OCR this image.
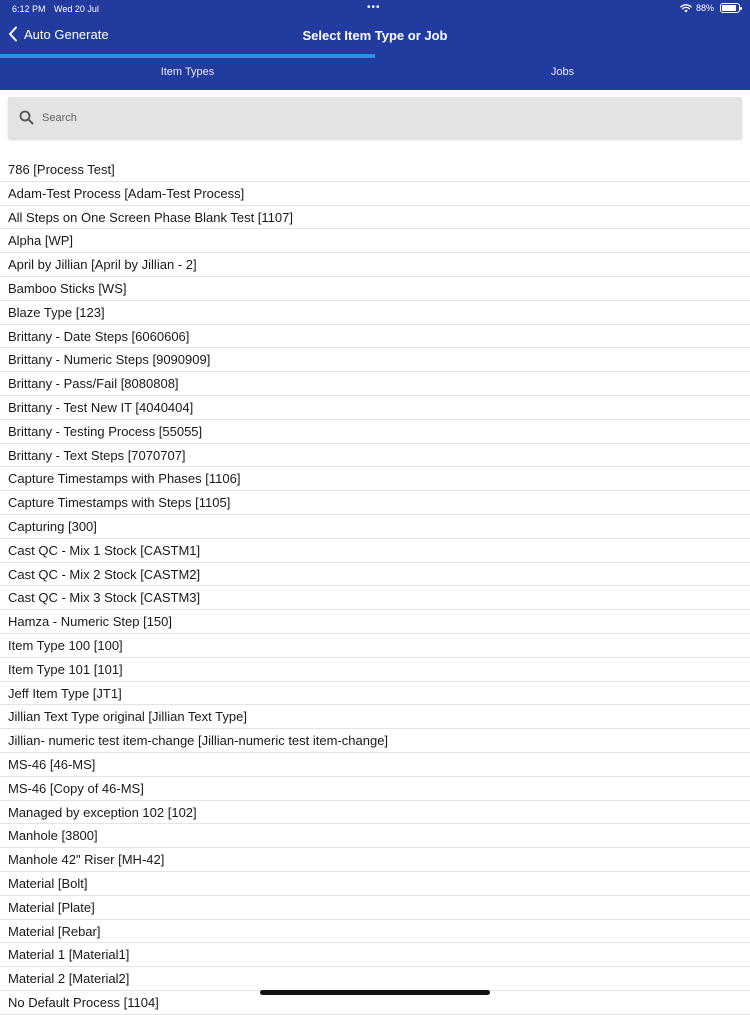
6:12 PM Wed 20 Jul	•••	88%
Auto Generate	Select Item Type or Job
Item Types	Jobs
Search
786 [Process Test]
Adam-Test Process [Adam-Test Process]
All Steps on One Screen Phase Blank Test [1107]
Alpha [WP]
April by Jillian [April by Jillian - 2]
Bamboo Sticks [WS]
Blaze Type [123]
Brittany - Date Steps [6060606]
Brittany - Numeric Steps [9090909]
Brittany - Pass/Fail [8080808]
Brittany - Test New IT [4040404]
Brittany - Testing Process [55055]
Brittany - Text Steps [7070707]
Capture Timestamps with Phases [1106]
Capture Timestamps with Steps [1105]
Capturing [300]
Cast QC - Mix 1 Stock [CASTM1]
Cast QC - Mix 2 Stock [CASTM2]
Cast QC - Mix 3 Stock [CASTM3]
Hamza - Numeric Step [150]
Item Type 100 [100]
Item Type 101 [101]
Jeff Item Type [JT1]
Jillian Text Type original [Jillian Text Type]
Jillian- numeric test item-change [Jillian-numeric test item-change]
MS-46 [46-MS]
MS-46 [Copy of 46-MS]
Managed by exception 102 [102]
Manhole [3800]
Manhole 42" Riser [MH-42]
Material [Bolt]
Material [Plate]
Material [Rebar]
Material 1 [Material1]
Material 2 [Material2]
No Default Process [1104]
